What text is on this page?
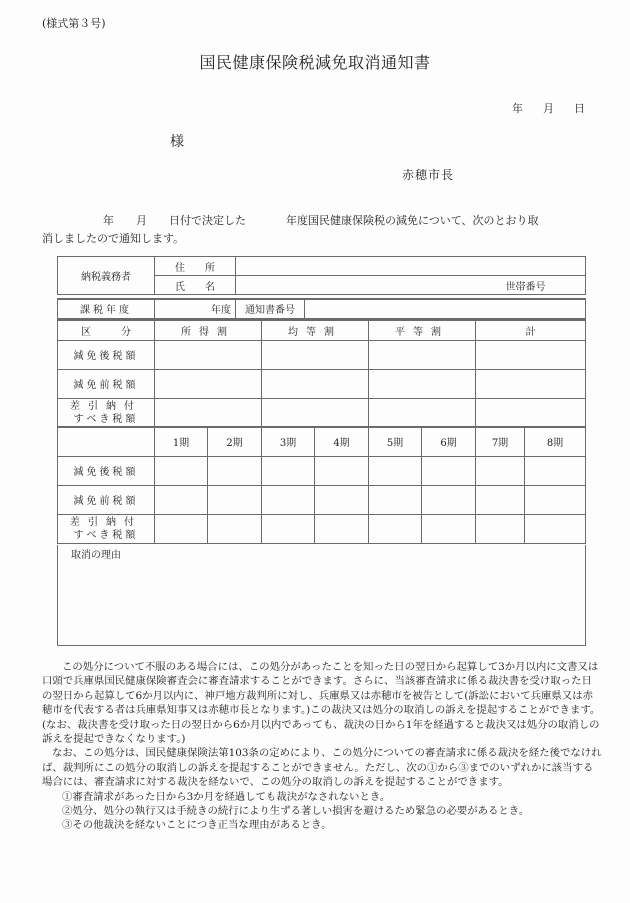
(様式第３号)
国民健康保険税減免取消通知書
年 月 日
様
赤穂市長
年 月 日付で決定した	年度国民健康保険税の減免について、次のとおり取
消しましたので通知します。
納税義務者	住　　所	
	氏　　名	世帯番号
課税年度	年度	通知書番号	
区　　　分	所得割	均等割	平等割	計
減免後税額				
減免前税額				

差引納付
すべき税額				

	1期	2期	3期	4期	5期	6期	7期	8期
減免後税額								
減免前税額								

差引納付
すべき税額								

取消の理由

この処分について不服のある場合には、この処分があったことを知った日の翌日から起算して3か月以内に文書又は口頭で兵庫県国民健康保険審査会に審査請求することができます。さらに、当該審査請求に係る裁決書を受け取った日の翌日から起算して6か月以内に、神戸地方裁判所に対し、兵庫県又は赤穂市を被告として(訴訟において兵庫県又は赤穂市を代表する者は兵庫県知事又は赤穂市長となります。)この裁決又は処分の取消しの訴えを提起することができます。(なお、裁決書を受け取った日の翌日から6か月以内であっても、裁決の日から1年を経過すると裁決又は処分の取消しの訴えを提起できなくなります。)

なお、この処分は、国民健康保険法第103条の定めにより、この処分についての審査請求に係る裁決を経た後でなければ、裁判所にこの処分の取消しの訴えを提起することができません。ただし、次の①から③までのいずれかに該当する場合には、審査請求に対する裁決を経ないで、この処分の取消しの訴えを提起することができます。

①審査請求があった日から3か月を経過しても裁決がなされないとき。

②処分、処分の執行又は手続きの続行により生ずる著しい損害を避けるため緊急の必要があるとき。

③その他裁決を経ないことにつき正当な理由があるとき。
